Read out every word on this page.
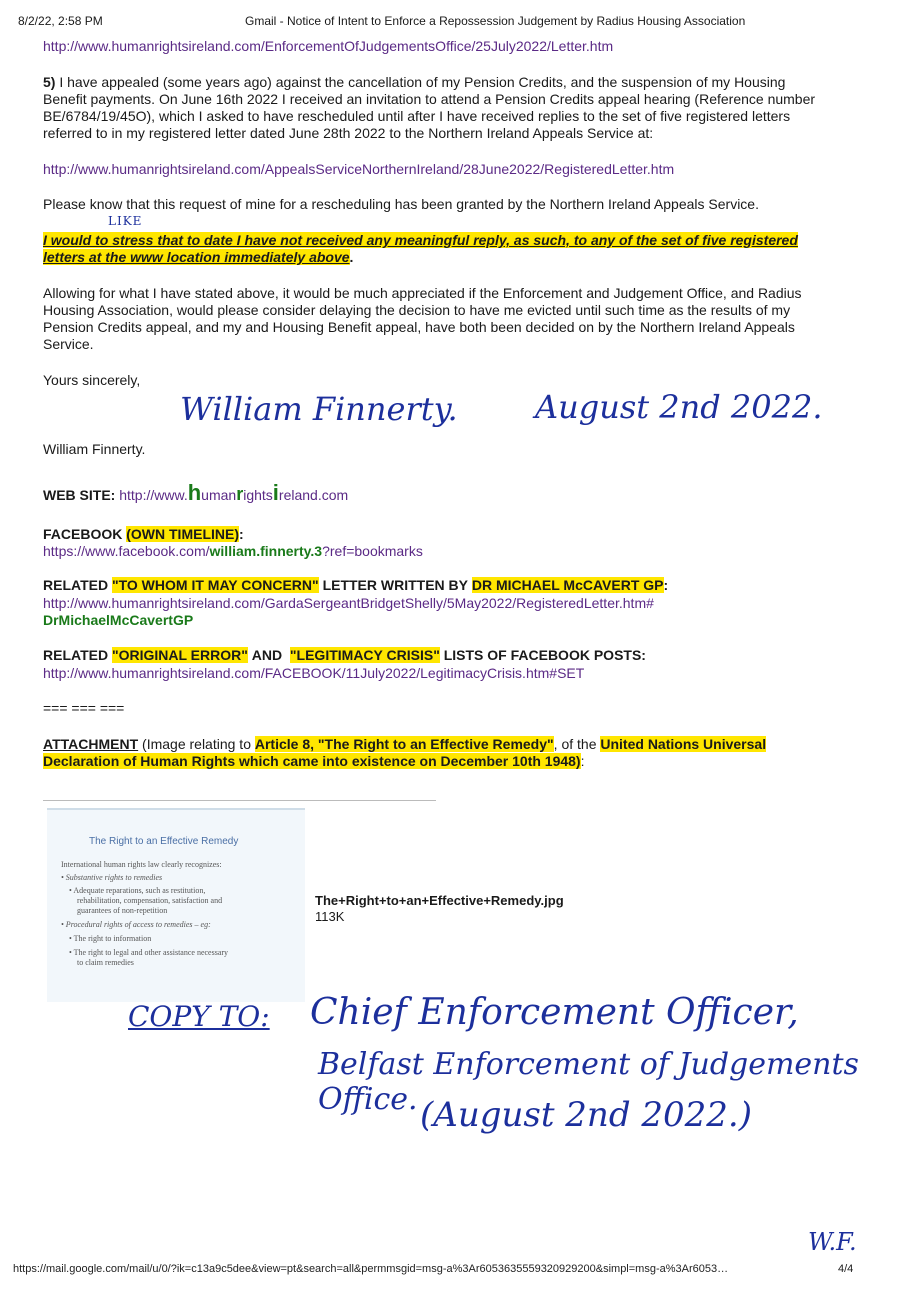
8/2/22, 2:58 PM	Gmail - Notice of Intent to Enforce a Repossession Judgement by Radius Housing Association
http://www.humanrightsireland.com/EnforcementOfJudgementsOffice/25July2022/Letter.htm
5) I have appealed (some years ago) against the cancellation of my Pension Credits, and the suspension of my Housing Benefit payments. On June 16th 2022 I received an invitation to attend a Pension Credits appeal hearing (Reference number BE/6784/19/45O), which I asked to have rescheduled until after I have received replies to the set of five registered letters referred to in my registered letter dated June 28th 2022 to the Northern Ireland Appeals Service at:
http://www.humanrightsireland.com/AppealsServiceNorthernIreland/28June2022/RegisteredLetter.htm
Please know that this request of mine for a rescheduling has been granted by the Northern Ireland Appeals Service.
I would to stress that to date I have not received any meaningful reply, as such, to any of the set of five registered letters at the www location immediately above.
Allowing for what I have stated above, it would be much appreciated if the Enforcement and Judgement Office, and Radius Housing Association, would please consider delaying the decision to have me evicted until such time as the results of my Pension Credits appeal, and my and Housing Benefit appeal, have both been decided on by the Northern Ireland Appeals Service.
Yours sincerely,
William Finnerty.
WEB SITE: http://www.humanrightsireland.com
FACEBOOK (OWN TIMELINE):
https://www.facebook.com/william.finnerty.3?ref=bookmarks
RELATED "TO WHOM IT MAY CONCERN" LETTER WRITTEN BY DR MICHAEL McCAVERT GP:
http://www.humanrightsireland.com/GardaSergeantBridgetShelly/5May2022/RegisteredLetter.htm#
DrMichaelMcCavertGP
RELATED "ORIGINAL ERROR" AND "LEGITIMACY CRISIS" LISTS OF FACEBOOK POSTS:
http://www.humanrightsireland.com/FACEBOOK/11July2022/LegitimacyCrisis.htm#SET
=== === ===
ATTACHMENT (Image relating to Article 8, "The Right to an Effective Remedy", of the United Nations Universal Declaration of Human Rights which came into existence on December 10th 1948):
The Right to an Effective Remedy
International human rights law clearly recognizes:
• Substantive rights to remedies
• Adequate reparations, such as restitution,
rehabilitation, compensation, satisfaction and
guarantees of non-repetition
• Procedural rights of access to remedies – eg:
• The right to information
• The right to legal and other assistance necessary
to claim remedies
The+Right+to+an+Effective+Remedy.jpg
113K
LIKE
William Finnerty. August 2nd 2022.
COPY TO: Chief Enforcement Officer,
Belfast Enforcement of Judgements Office. (August 2nd 2022.)
W.F.
https://mail.google.com/mail/u/0/?ik=c13a9c5dee&view=pt&search=all&permmsgid=msg-a%3Ar6053635559320929200&simpl=msg-a%3Ar6053…	4/4
